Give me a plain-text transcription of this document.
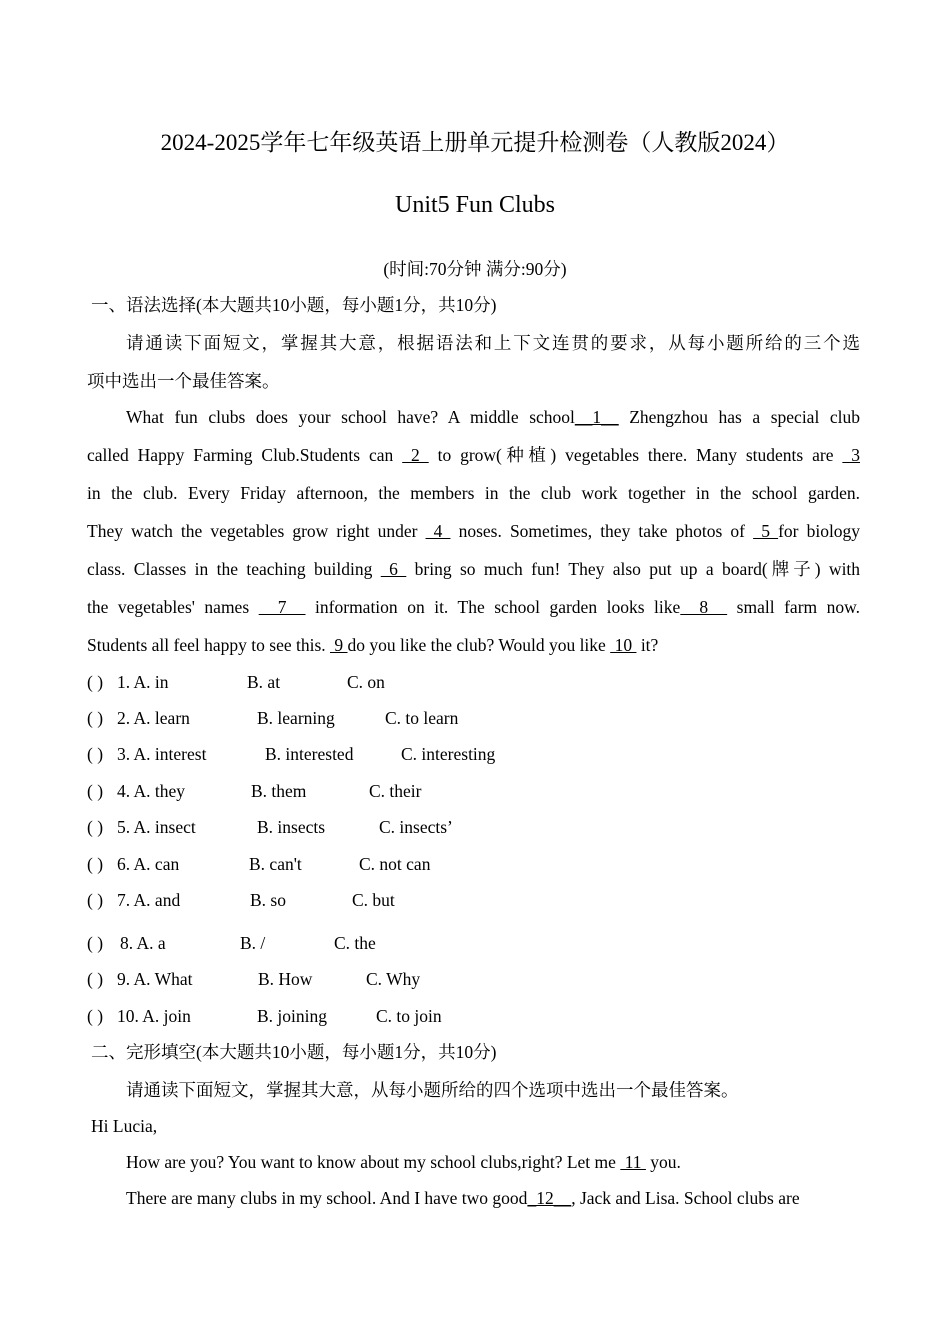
2024-2025学年七年级英语上册单元提升检测卷（人教版2024）
Unit5 Fun Clubs
(时间:70分钟 满分:90分)
一、语法选择(本大题共10小题，每小题1分，共10分)
请通读下面短文，掌握其大意，根据语法和上下文连贯的要求，从每小题所给的三个选
项中选出一个最佳答案。
What fun clubs does your school have? A middle school__1__ Zhengzhou has a special club
called Happy Farming Club.Students can  2  to grow(种植) vegetables there. Many students are  3
in the club. Every Friday afternoon, the members in the club work together in the school garden.
They watch the vegetables grow right under  4  noses. Sometimes, they take photos of  5 for biology
class. Classes in the teaching building  6  bring so much fun! They also put up a board(牌子) with
the vegetables' names   7   information on it. The school garden looks like  8   small farm now.
Students all feel happy to see this.  9 do you like the club? Would you like  10  it?
( ) 1. A. in	B. at	C. on
( ) 2. A. learn	B. learning	C. to learn
( ) 3. A. interest	B. interested	C. interesting
( ) 4. A. they	B. them	C. their
( ) 5. A. insect	B. insects	C. insects’
( ) 6. A. can	B. can't	C. not can
( ) 7. A. and	B. so	C. but
( ) 8. A. a	B. /	C. the
( ) 9. A. What	B. How	C. Why
( ) 10. A. join	B. joining	C. to join
二、完形填空(本大题共10小题，每小题1分，共10分)
请通读下面短文，掌握其大意，从每小题所给的四个选项中选出一个最佳答案。
Hi Lucia,
How are you? You want to know about my school clubs,right? Let me  11  you.
There are many clubs in my school. And I have two good_12__, Jack and Lisa. School clubs are
